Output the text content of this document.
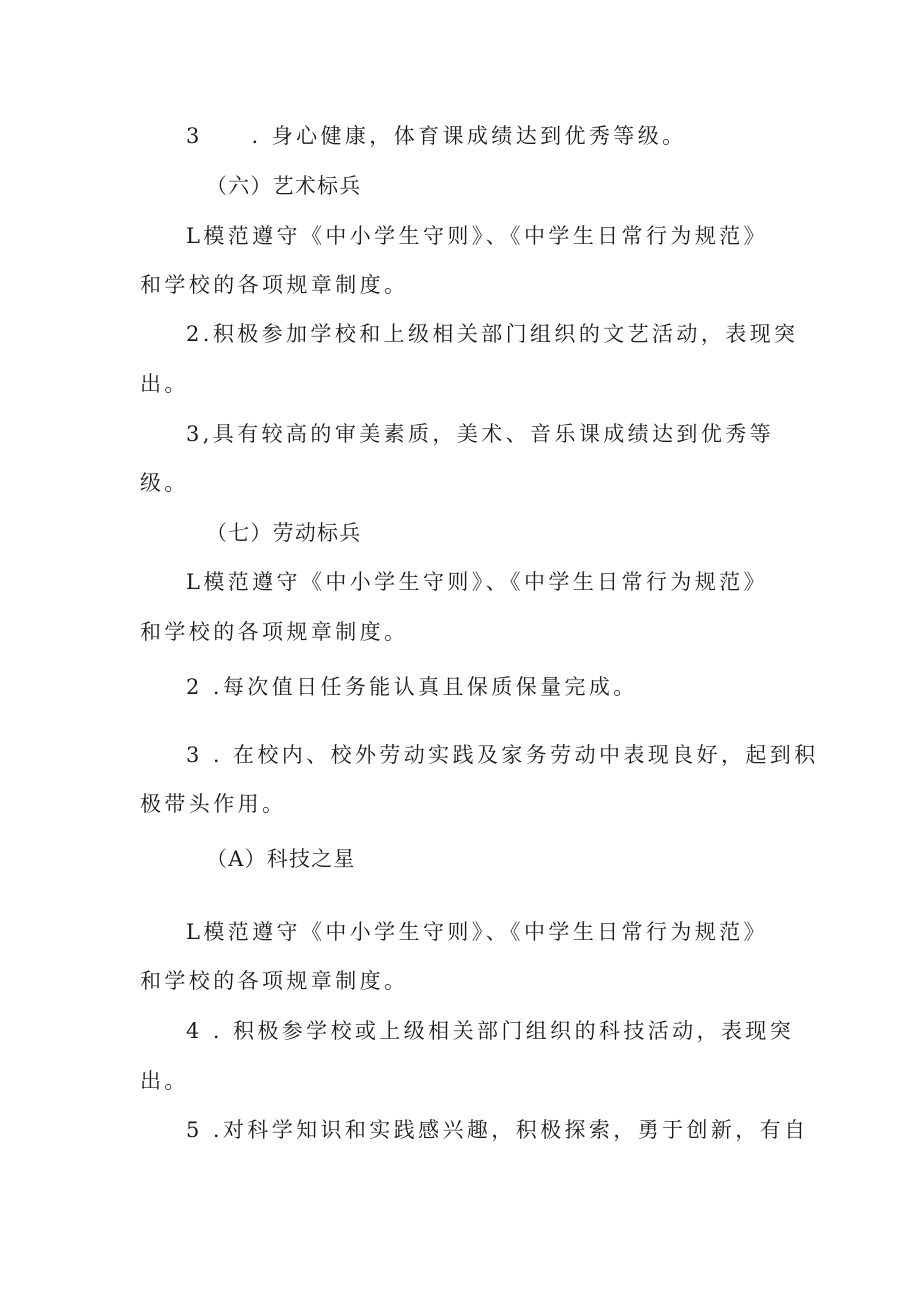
3　　. 身心健康，体育课成绩达到优秀等级。
（六）艺术标兵
L模范遵守《中小学生守则》、《中学生日常行为规范》
和学校的各项规章制度。
2.积极参加学校和上级相关部门组织的文艺活动，表现突
出。
3,具有较高的审美素质，美术、音乐课成绩达到优秀等
级。
（七）劳动标兵
L模范遵守《中小学生守则》、《中学生日常行为规范》
和学校的各项规章制度。
2 .每次值日任务能认真且保质保量完成。
3 . 在校内、校外劳动实践及家务劳动中表现良好，起到积
极带头作用。
（A）科技之星
L模范遵守《中小学生守则》、《中学生日常行为规范》
和学校的各项规章制度。
4 . 积极参学校或上级相关部门组织的科技活动，表现突
出。
5 .对科学知识和实践感兴趣，积极探索，勇于创新，有自
